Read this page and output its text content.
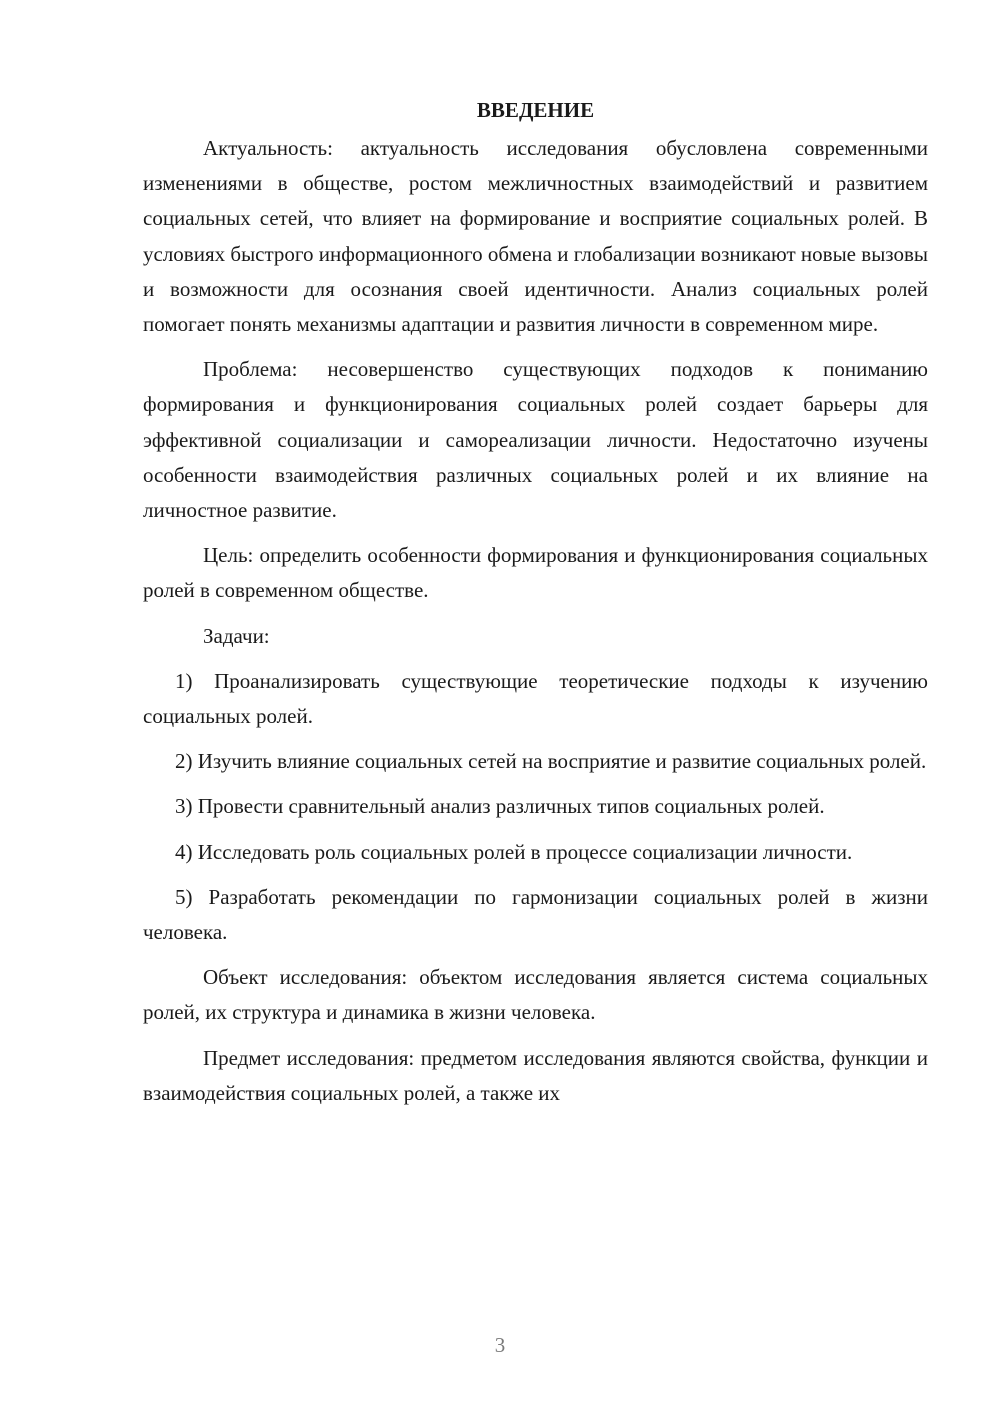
ВВЕДЕНИЕ

Актуальность: актуальность исследования обусловлена современными изменениями в обществе, ростом межличностных взаимодействий и развитием социальных сетей, что влияет на формирование и восприятие социальных ролей. В условиях быстрого информационного обмена и глобализации возникают новые вызовы и возможности для осознания своей идентичности. Анализ социальных ролей помогает понять механизмы адаптации и развития личности в современном мире.

Проблема: несовершенство существующих подходов к пониманию формирования и функционирования социальных ролей создает барьеры для эффективной социализации и самореализации личности. Недостаточно изучены особенности взаимодействия различных социальных ролей и их влияние на личностное развитие.

Цель: определить особенности формирования и функционирования социальных ролей в современном обществе.

Задачи:

1) Проанализировать существующие теоретические подходы к изучению социальных ролей.

2) Изучить влияние социальных сетей на восприятие и развитие социальных ролей.

3) Провести сравнительный анализ различных типов социальных ролей.

4) Исследовать роль социальных ролей в процессе социализации личности.

5) Разработать рекомендации по гармонизации социальных ролей в жизни человека.

Объект исследования: объектом исследования является система социальных ролей, их структура и динамика в жизни человека.

Предмет исследования: предметом исследования являются свойства, функции и взаимодействия социальных ролей, а также их

3
